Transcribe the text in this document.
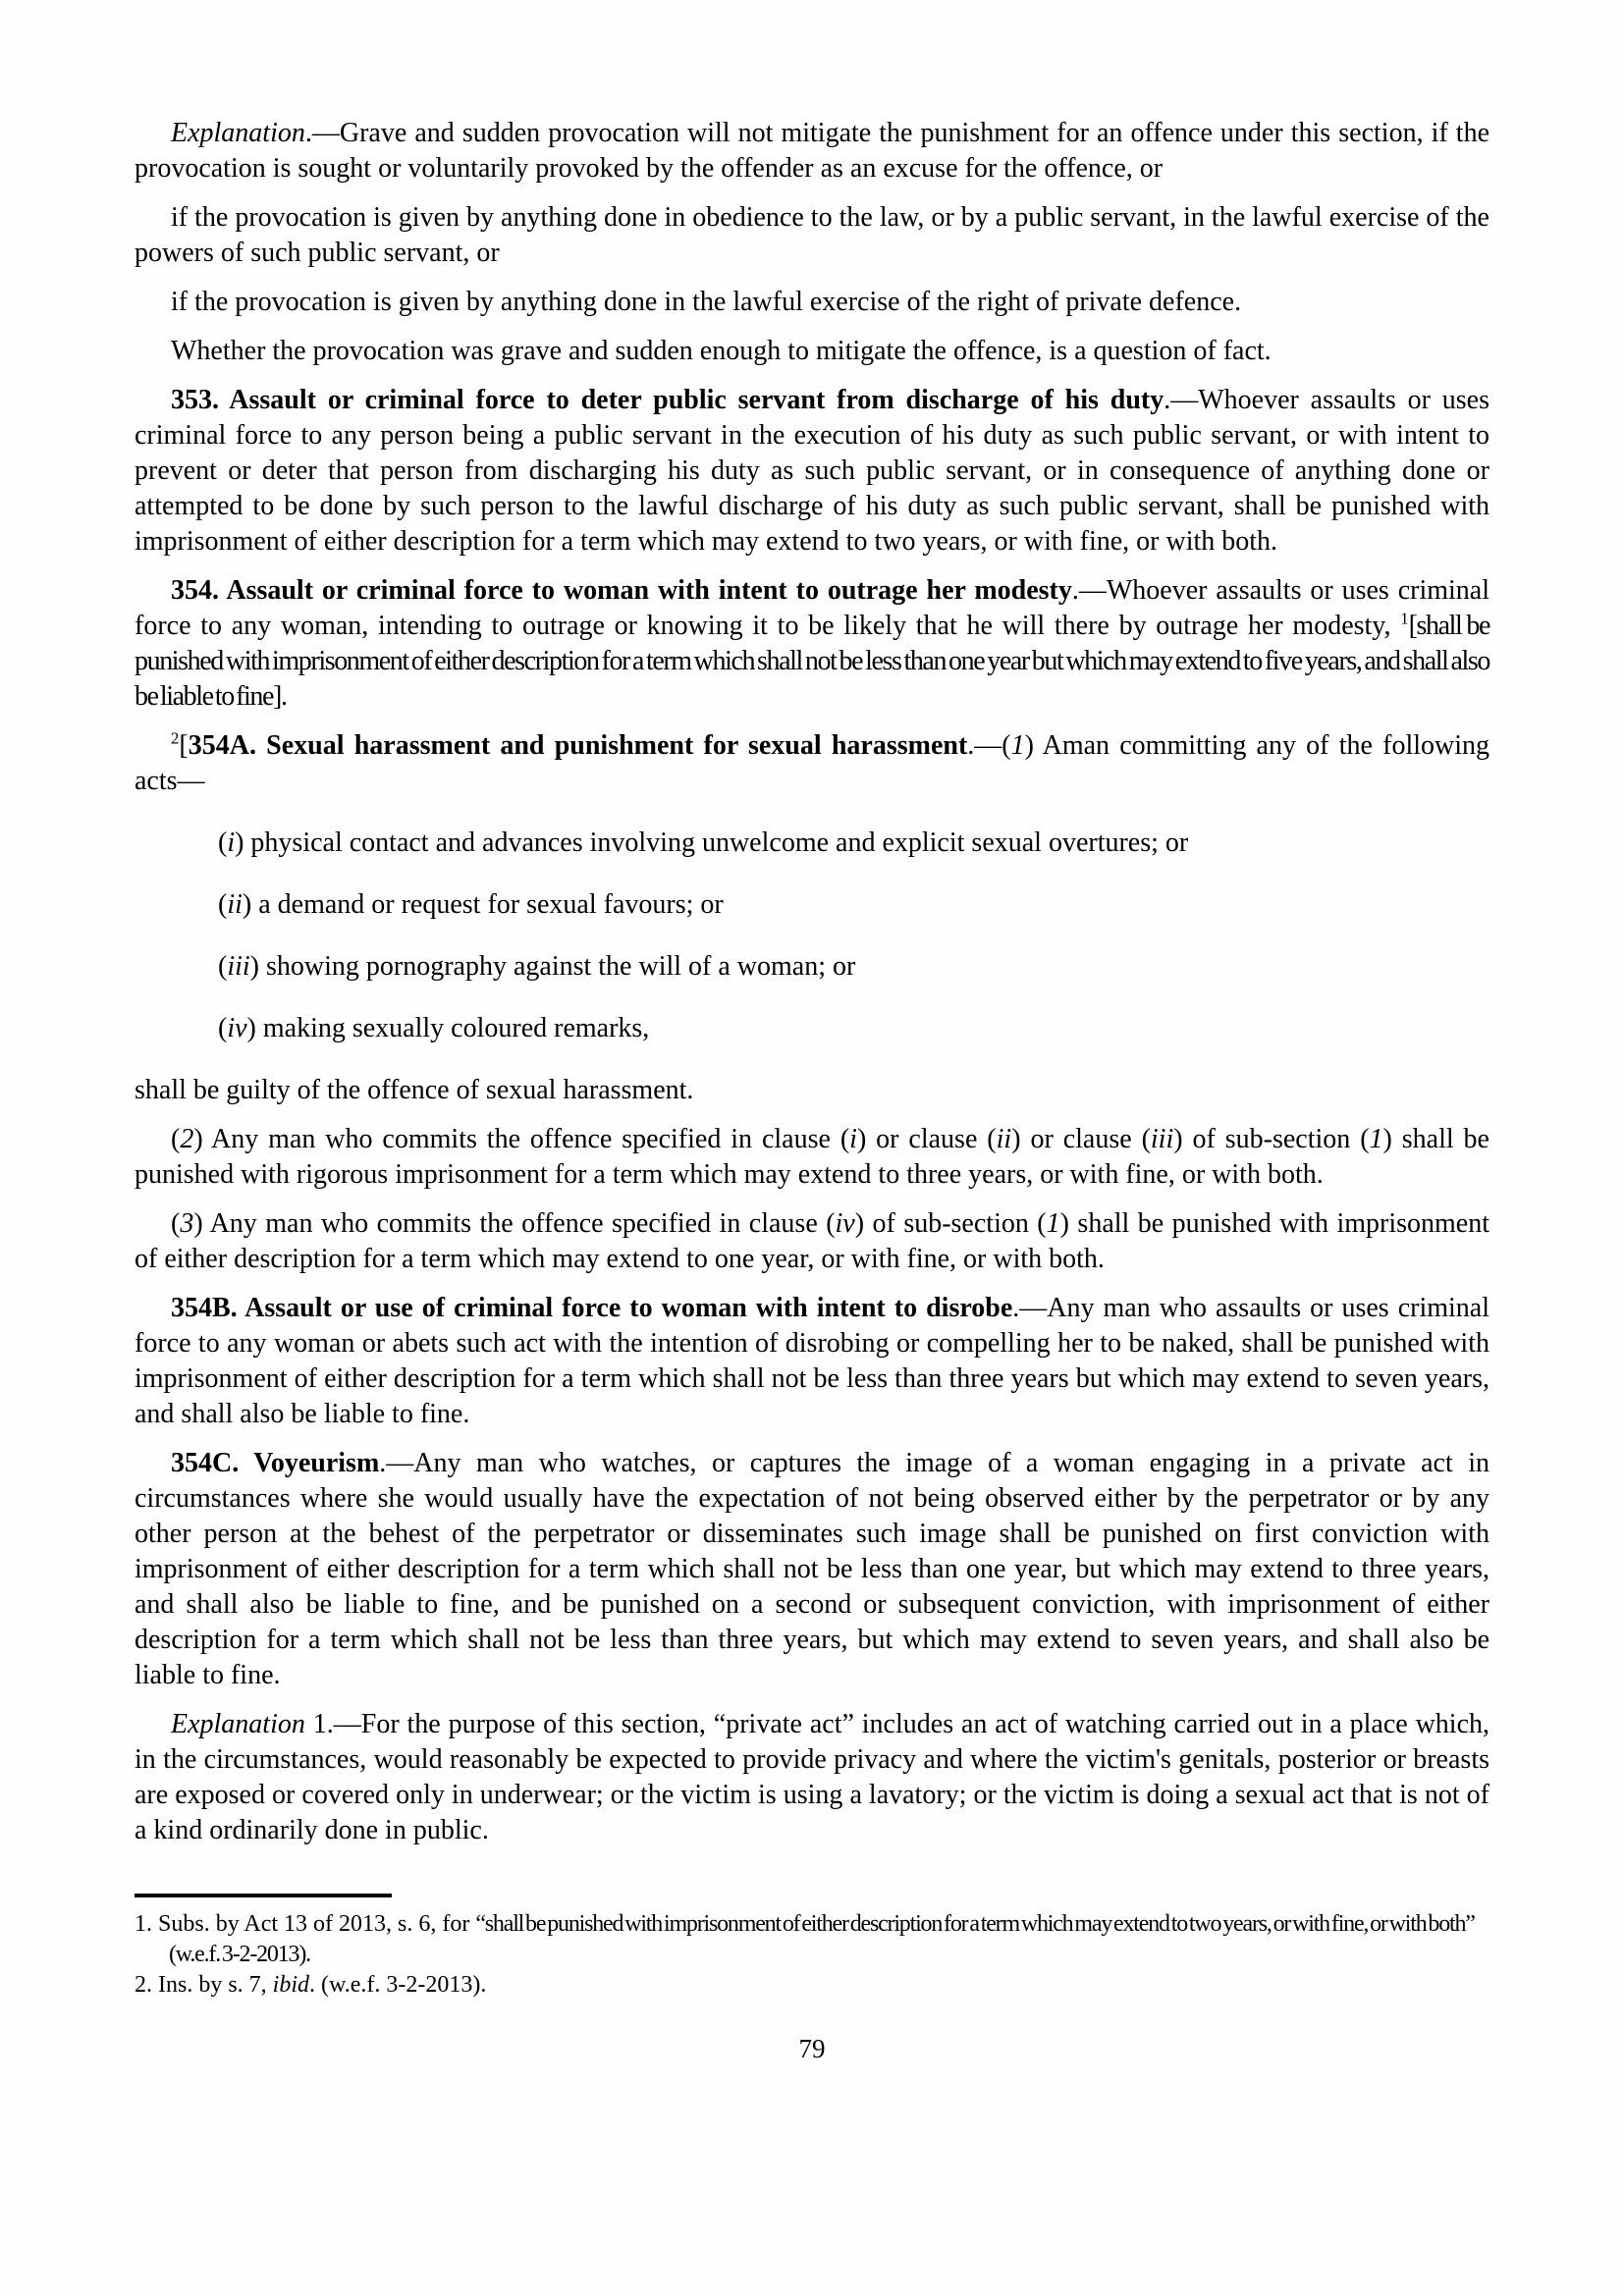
Explanation.—Grave and sudden provocation will not mitigate the punishment for an offence under this section, if the provocation is sought or voluntarily provoked by the offender as an excuse for the offence, or

if the provocation is given by anything done in obedience to the law, or by a public servant, in the lawful exercise of the powers of such public servant, or

if the provocation is given by anything done in the lawful exercise of the right of private defence.

Whether the provocation was grave and sudden enough to mitigate the offence, is a question of fact.

353. Assault or criminal force to deter public servant from discharge of his duty.—Whoever assaults or uses criminal force to any person being a public servant in the execution of his duty as such public servant, or with intent to prevent or deter that person from discharging his duty as such public servant, or in consequence of anything done or attempted to be done by such person to the lawful discharge of his duty as such public servant, shall be punished with imprisonment of either description for a term which may extend to two years, or with fine, or with both.

354. Assault or criminal force to woman with intent to outrage her modesty.—Whoever assaults or uses criminal force to any woman, intending to outrage or knowing it to be likely that he will there by outrage her modesty, $^1$[shall be punished with imprisonment of either description for a term which shall not be less than one year but which may extend to five years, and shall also be liable to fine].

$^2$[354A. Sexual harassment and punishment for sexual harassment.—(1) Aman committing any of the following acts—

(i) physical contact and advances involving unwelcome and explicit sexual overtures; or

(ii) a demand or request for sexual favours; or

(iii) showing pornography against the will of a woman; or

(iv) making sexually coloured remarks,

shall be guilty of the offence of sexual harassment.

(2) Any man who commits the offence specified in clause (i) or clause (ii) or clause (iii) of sub-section (1) shall be punished with rigorous imprisonment for a term which may extend to three years, or with fine, or with both.

(3) Any man who commits the offence specified in clause (iv) of sub-section (1) shall be punished with imprisonment of either description for a term which may extend to one year, or with fine, or with both.

354B. Assault or use of criminal force to woman with intent to disrobe.—Any man who assaults or uses criminal force to any woman or abets such act with the intention of disrobing or compelling her to be naked, shall be punished with imprisonment of either description for a term which shall not be less than three years but which may extend to seven years, and shall also be liable to fine.

354C. Voyeurism.—Any man who watches, or captures the image of a woman engaging in a private act in circumstances where she would usually have the expectation of not being observed either by the perpetrator or by any other person at the behest of the perpetrator or disseminates such image shall be punished on first conviction with imprisonment of either description for a term which shall not be less than one year, but which may extend to three years, and shall also be liable to fine, and be punished on a second or subsequent conviction, with imprisonment of either description for a term which shall not be less than three years, but which may extend to seven years, and shall also be liable to fine.

Explanation 1.—For the purpose of this section, “private act” includes an act of watching carried out in a place which, in the circumstances, would reasonably be expected to provide privacy and where the victim's genitals, posterior or breasts are exposed or covered only in underwear; or the victim is using a lavatory; or the victim is doing a sexual act that is not of a kind ordinarily done in public.

1. Subs. by Act 13 of 2013, s. 6, for “shall be punished with imprisonment of either description for a term which may extend to two years, or with fine, or with both” (w.e.f. 3-2-2013).

2. Ins. by s. 7, ibid. (w.e.f. 3-2-2013).

79
